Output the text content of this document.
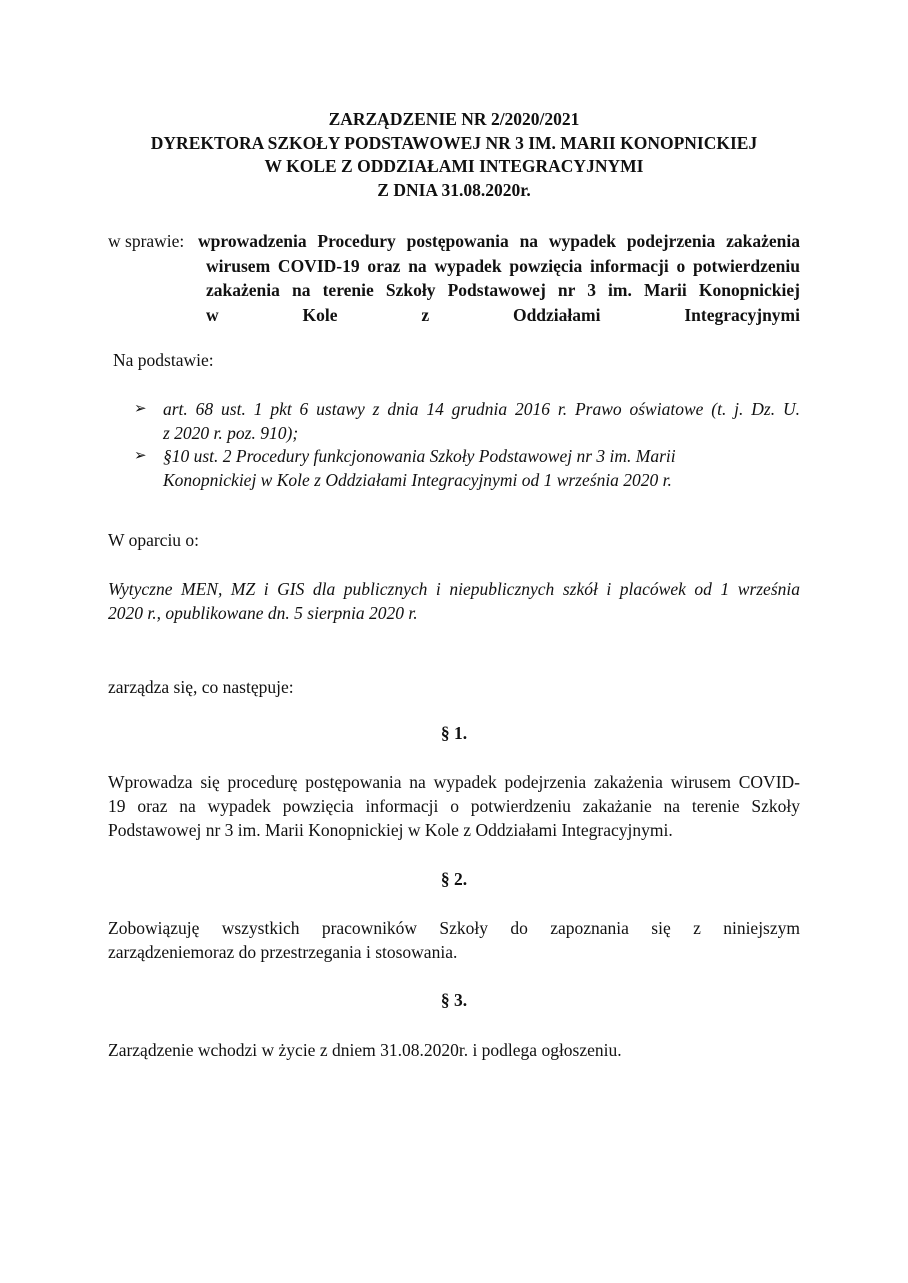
ZARZĄDZENIE NR 2/2020/2021
DYREKTORA SZKOŁY PODSTAWOWEJ NR 3 IM. MARII KONOPNICKIEJ
W KOLE Z ODDZIAŁAMI INTEGRACYJNYMI
Z DNIA 31.08.2020r.
w sprawie: wprowadzenia Procedury postępowania na wypadek podejrzenia zakażenia
wirusem COVID-19 oraz na wypadek powzięcia informacji o potwierdzeniu
zakażenia na terenie Szkoły Podstawowej nr 3 im. Marii Konopnickiej
w Kole z Oddziałami Integracyjnymi
Na podstawie:
➢ art. 68 ust. 1 pkt 6 ustawy z dnia 14 grudnia 2016 r. Prawo oświatowe (t. j. Dz. U.
z 2020 r. poz. 910);
➢ §10 ust. 2 Procedury funkcjonowania Szkoły Podstawowej nr 3 im. Marii
Konopnickiej w Kole z Oddziałami Integracyjnymi od 1 września 2020 r.
W oparciu o:
Wytyczne MEN, MZ i GIS dla publicznych i niepublicznych szkół i placówek od 1 września
2020 r., opublikowane dn. 5 sierpnia 2020 r.
zarządza się, co następuje:
§ 1.
Wprowadza się procedurę postępowania na wypadek podejrzenia zakażenia wirusem COVID-
19 oraz na wypadek powzięcia informacji o potwierdzeniu zakażanie na terenie Szkoły
Podstawowej nr 3 im. Marii Konopnickiej w Kole z Oddziałami Integracyjnymi.
§ 2.
Zobowiązuję wszystkich pracowników Szkoły do zapoznania się z niniejszym
zarządzeniemoraz do przestrzegania i stosowania.
§ 3.
Zarządzenie wchodzi w życie z dniem 31.08.2020r. i podlega ogłoszeniu.
